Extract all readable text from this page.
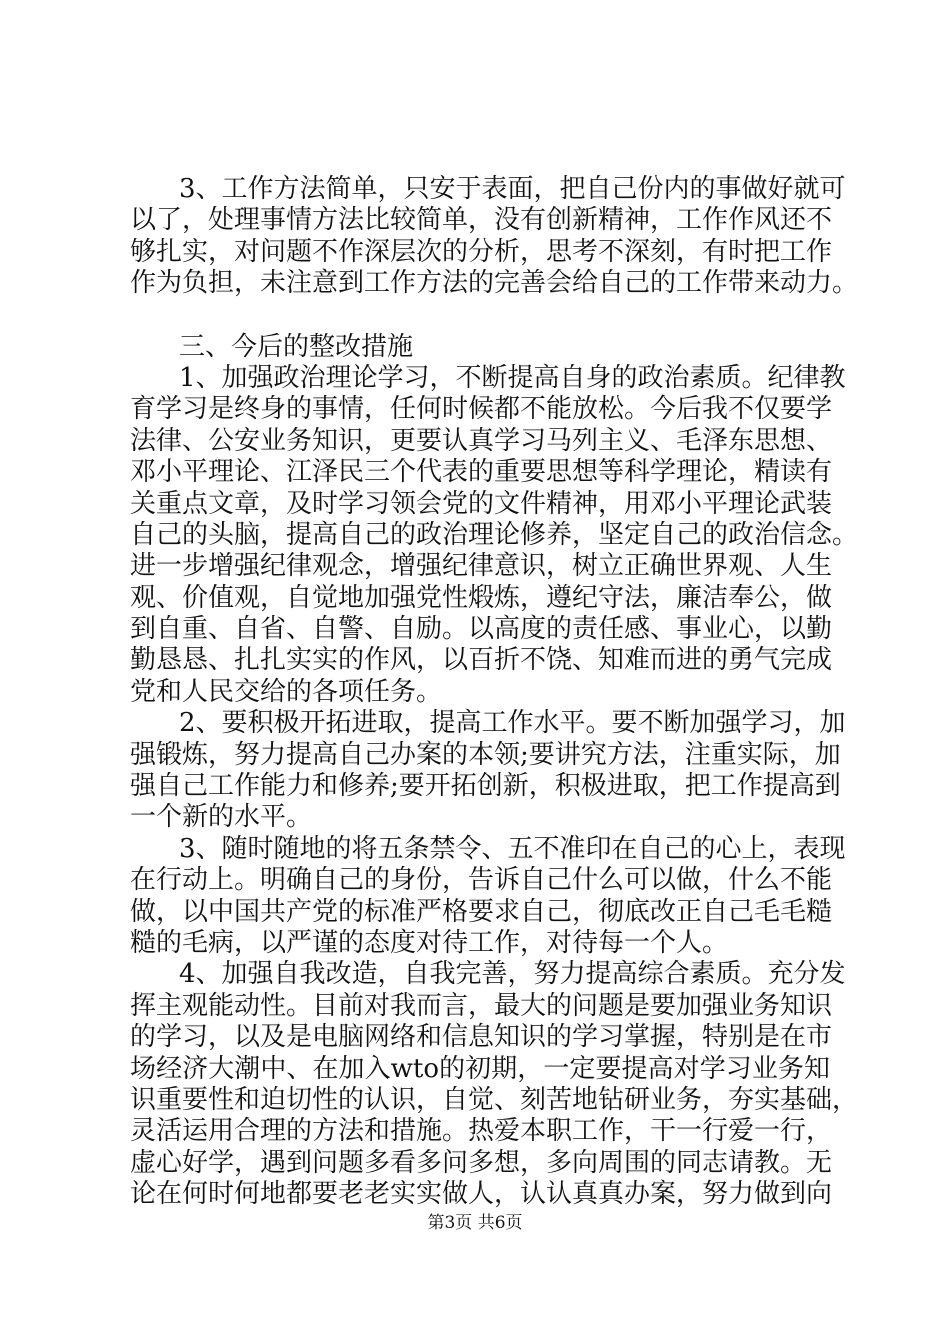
3、工作方法简单，只安于表面，把自己份内的事做好就可
以了，处理事情方法比较简单，没有创新精神，工作作风还不
够扎实，对问题不作深层次的分析，思考不深刻，有时把工作
作为负担，未注意到工作方法的完善会给自己的工作带来动力。
三、今后的整改措施
1、加强政治理论学习，不断提高自身的政治素质。纪律教
育学习是终身的事情，任何时候都不能放松。今后我不仅要学
法律、公安业务知识，更要认真学习马列主义、毛泽东思想、
邓小平理论、江泽民三个代表的重要思想等科学理论，精读有
关重点文章，及时学习领会党的文件精神，用邓小平理论武装
自己的头脑，提高自己的政治理论修养，坚定自己的政治信念。
进一步增强纪律观念，增强纪律意识，树立正确世界观、人生
观、价值观，自觉地加强党性煅炼，遵纪守法，廉洁奉公，做
到自重、自省、自警、自励。以高度的责任感、事业心，以勤
勤恳恳、扎扎实实的作风，以百折不饶、知难而进的勇气完成
党和人民交给的各项任务。
2、要积极开拓进取，提高工作水平。要不断加强学习，加
强锻炼，努力提高自己办案的本领;要讲究方法，注重实际，加
强自己工作能力和修养;要开拓创新，积极进取，把工作提高到
一个新的水平。
3、随时随地的将五条禁令、五不准印在自己的心上，表现
在行动上。明确自己的身份，告诉自己什么可以做，什么不能
做，以中国共产党的标准严格要求自己，彻底改正自己毛毛糙
糙的毛病，以严谨的态度对待工作，对待每一个人。
4、加强自我改造，自我完善，努力提高综合素质。充分发
挥主观能动性。目前对我而言，最大的问题是要加强业务知识
的学习，以及是电脑网络和信息知识的学习掌握，特别是在市
场经济大潮中、在加入wto的初期，一定要提高对学习业务知
识重要性和迫切性的认识，自觉、刻苦地钻研业务，夯实基础，
灵活运用合理的方法和措施。热爱本职工作，干一行爱一行，
虚心好学，遇到问题多看多问多想，多向周围的同志请教。无
论在何时何地都要老老实实做人，认认真真办案，努力做到向
第3页 共6页
